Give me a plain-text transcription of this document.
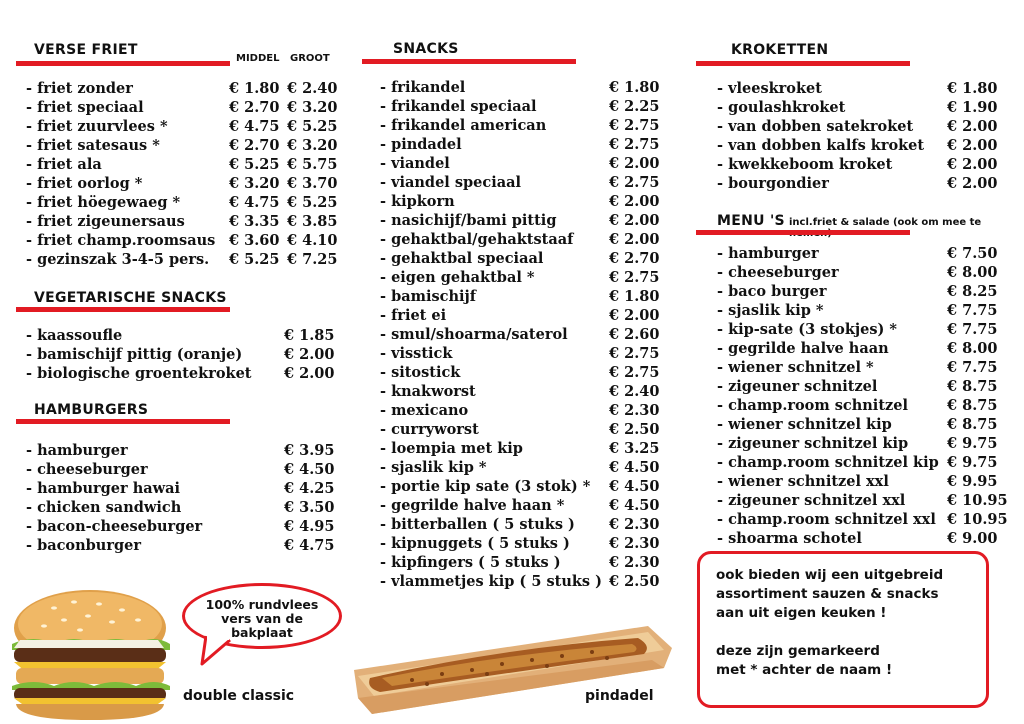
VERSE FRIET
MIDDEL GROOT
- friet zonder	€ 1.80 € 2.40
- friet speciaal	€ 2.70 € 3.20
- friet zuurvlees *	€ 4.75 € 5.25
- friet satesaus *	€ 2.70 € 3.20
- friet ala	€ 5.25 € 5.75
- friet oorlog *	€ 3.20 € 3.70
- friet höegewaeg *	€ 4.75 € 5.25
- friet zigeunersaus	€ 3.35 € 3.85
- friet champ.roomsaus € 3.60 € 4.10
- gezinszak 3-4-5 pers. € 5.25 € 7.25
VEGETARISCHE SNACKS
- kaassoufle	€ 1.85
- bamischijf pittig (oranje)	€ 2.00
- biologische groentekroket € 2.00
HAMBURGERS
- hamburger	€ 3.95
- cheeseburger	€ 4.50
- hamburger hawai	€ 4.25
- chicken sandwich	€ 3.50
- bacon-cheeseburger	€ 4.95
- baconburger	€ 4.75
SNACKS
- frikandel	€ 1.80
- frikandel speciaal	€ 2.25
- frikandel american	€ 2.75
- pindadel	€ 2.75
- viandel	€ 2.00
- viandel speciaal	€ 2.75
- kipkorn	€ 2.00
- nasichijf/bami pittig	€ 2.00
- gehaktbal/gehaktstaaf € 2.00
- gehaktbal speciaal	€ 2.70
- eigen gehaktbal *	€ 2.75
- bamischijf	€ 1.80
- friet ei	€ 2.00
- smul/shoarma/saterol	€ 2.60
- visstick	€ 2.75
- sitostick	€ 2.75
- knakworst	€ 2.40
- mexicano	€ 2.30
- curryworst	€ 2.50
- loempia met kip	€ 3.25
- sjaslik kip *	€ 4.50
- portie kip sate (3 stok) * € 4.50
- gegrilde halve haan *	€ 4.50
- bitterballen ( 5 stuks ) € 2.30
- kipnuggets ( 5 stuks )	€ 2.30
- kipfingers ( 5 stuks )	€ 2.30
- vlammetjes kip ( 5 stuks ) € 2.50
KROKETTEN
- vleeskroket	€ 1.80
- goulashkroket	€ 1.90
- van dobben satekroket € 2.00
- van dobben kalfs kroket € 2.00
- kwekkeboom kroket	€ 2.00
- bourgondier	€ 2.00
MENU 'S incl.friet & salade (ook om mee te
- hamburger	€ 7.50
- cheeseburger	€ 8.00
- baco burger	€ 8.25
- sjaslik kip *	€ 7.75
- kip-sate (3 stokjes) *	€ 7.75
- gegrilde halve haan	€ 8.00
- wiener schnitzel *	€ 7.75
- zigeuner schnitzel	€ 8.75
- champ.room schnitzel	€ 8.75
- wiener schnitzel kip	€ 8.75
- zigeuner schnitzel kip	€ 9.75
- champ.room schnitzel kip € 9.75
- wiener schnitzel xxl	€ 9.95
- zigeuner schnitzel xxl	€ 10.95
- champ.room schnitzel xxl € 10.95
- shoarma schotel	€ 9.00
100% rundvlees
vers van de
bakplaat
double classic	pindadel
ook bieden wij een uitgebreid
assortiment sauzen & snacks
aan uit eigen keuken !
deze zijn gemarkeerd
met * achter de naam !
